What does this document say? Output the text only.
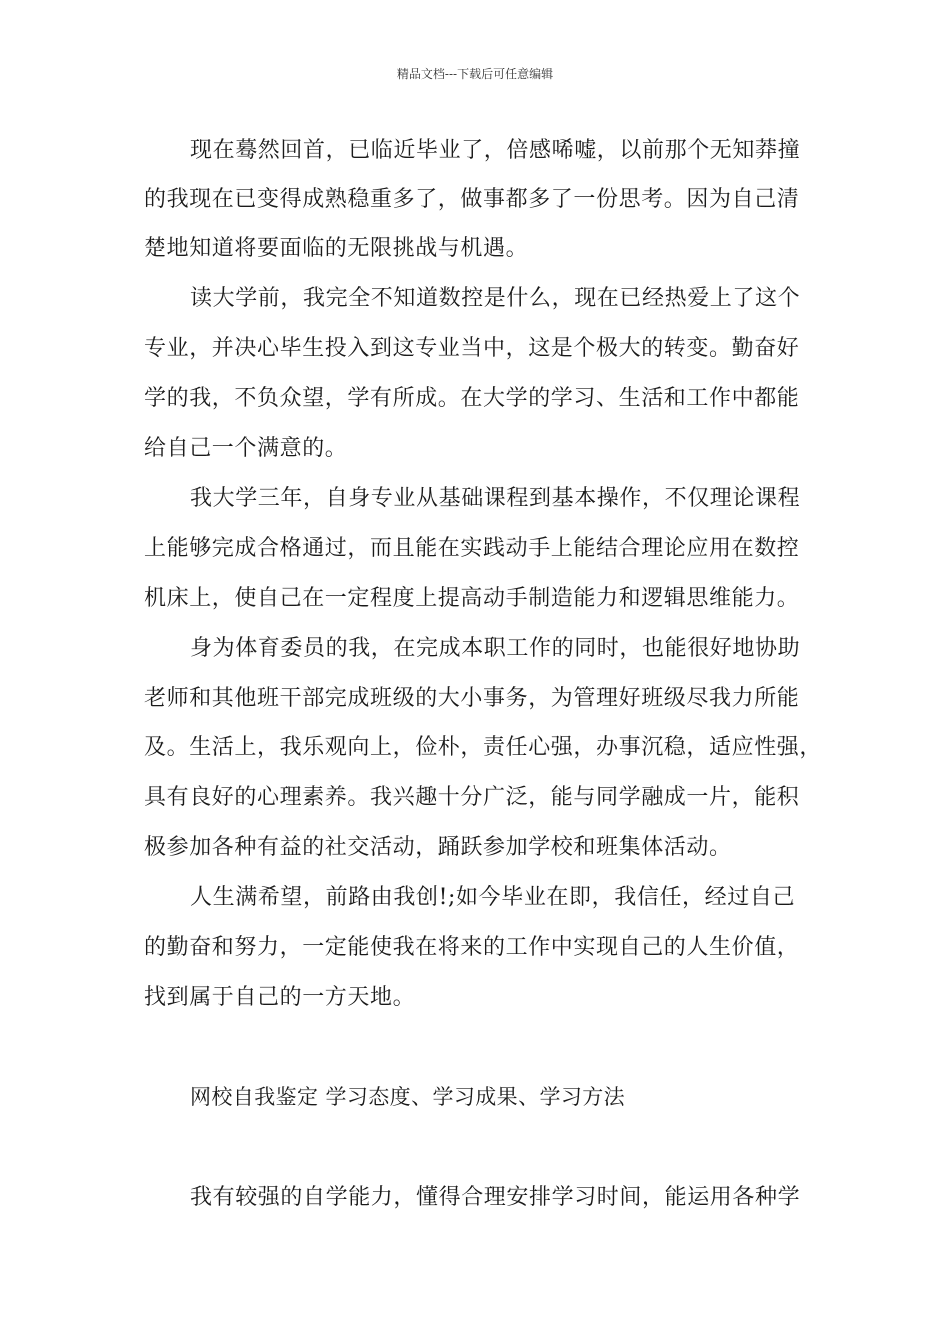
精品文档---下载后可任意编辑
现在蓦然回首，已临近毕业了，倍感唏嘘，以前那个无知莽撞
的我现在已变得成熟稳重多了，做事都多了一份思考。因为自己清
楚地知道将要面临的无限挑战与机遇。
读大学前，我完全不知道数控是什么，现在已经热爱上了这个
专业，并决心毕生投入到这专业当中，这是个极大的转变。勤奋好
学的我，不负众望，学有所成。在大学的学习、生活和工作中都能
给自己一个满意的。
我大学三年，自身专业从基础课程到基本操作，不仅理论课程
上能够完成合格通过，而且能在实践动手上能结合理论应用在数控
机床上，使自己在一定程度上提高动手制造能力和逻辑思维能力。
身为体育委员的我，在完成本职工作的同时，也能很好地协助
老师和其他班干部完成班级的大小事务，为管理好班级尽我力所能
及。生活上，我乐观向上，俭朴，责任心强，办事沉稳，适应性强，
具有良好的心理素养。我兴趣十分广泛，能与同学融成一片，能积
极参加各种有益的社交活动，踊跃参加学校和班集体活动。
人生满希望，前路由我创!;如今毕业在即，我信任，经过自己
的勤奋和努力，一定能使我在将来的工作中实现自己的人生价值，
找到属于自己的一方天地。
网校自我鉴定 学习态度、学习成果、学习方法
我有较强的自学能力，懂得合理安排学习时间，能运用各种学
